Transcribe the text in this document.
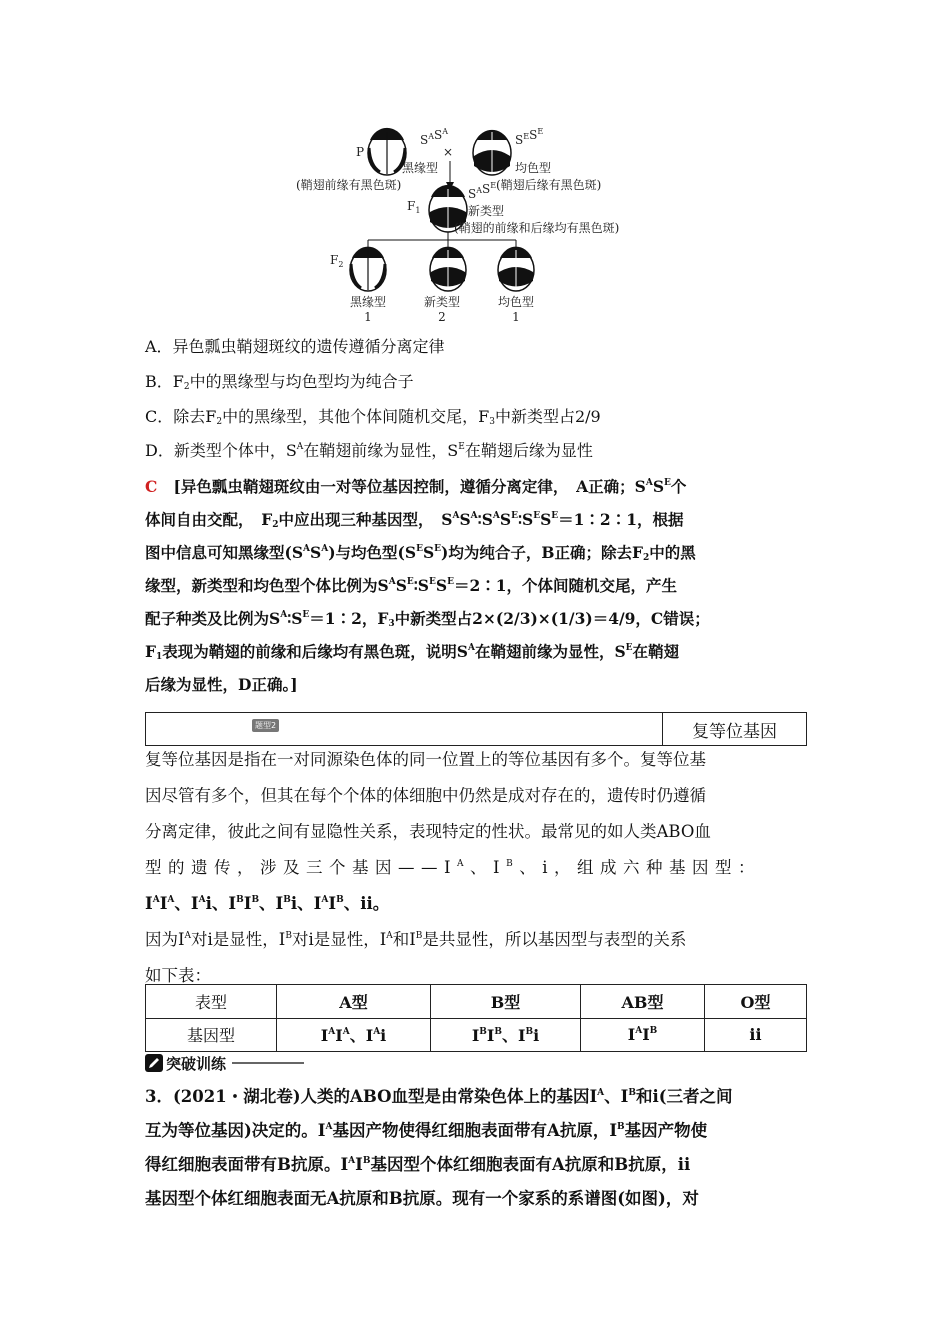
P
$S^AS^A$
×
黑缘型
(鞘翅前缘有黑色斑)
$S^ES^E$
均色型
(鞘翅后缘有黑色斑)
$F_1$
$S^AS^E$
新类型
(鞘翅的前缘和后缘均有黑色斑)
$F_2$
黑缘型
1
新类型
2
均色型
1
A．异色瓢虫鞘翅斑纹的遗传遵循分离定律
B．$F_2$中的黑缘型与均色型均为纯合子
C．除去$F_2$中的黑缘型，其他个体间随机交尾，$F_3$中新类型占2/9
D．新类型个体中，$S^A$在鞘翅前缘为显性，$S^E$在鞘翅后缘为显性
C [异色瓢虫鞘翅斑纹由一对等位基因控制，遵循分离定律，　A正确；$S^AS^E$个
体间自由交配，　$F_2$中应出现三种基因型，　$S^AS^A∶S^AS^E∶S^ES^E=1∶2∶1$，根据
图中信息可知黑缘型$(S^AS^A)$与均色型$(S^ES^E)$均为纯合子，B正确；除去$F_2$中的黑
缘型，新类型和均色型个体比例为$S^AS^E∶S^ES^E=2∶1$，个体间随机交尾，产生
配子种类及比例为$S^A∶S^E=1∶2$，$F_3$中新类型占2×(2/3)×(1/3)＝4/9，C错误；
$F_1$表现为鞘翅的前缘和后缘均有黑色斑，说明$S^A$在鞘翅前缘为显性，$S^E$在鞘翅
后缘为显性，D正确。]
题型2	复等位基因
复等位基因是指在一对同源染色体的同一位置上的等位基因有多个。复等位基
因尽管有多个，但其在每个个体的体细胞中仍然是成对存在的，遗传时仍遵循
分离定律，彼此之间有显隐性关系，表现特定的性状。最常见的如人类ABO血
型的遗传，涉及三个基因$——I^A$、$I^B$、i，组成六种基因型：
$I^AI^A$、$I^Ai$、$I^BI^B$、$I^Bi$、$I^AI^B$、ii。
因为$I^A$对i是显性，$I^B$对i是显性，$I^A$和$I^B$是共显性，所以基因型与表型的关系
如下表：
表型	A型	B型	AB型	O型
基因型	$I^AI^A$、$I^Ai$	$I^BI^B$、$I^Bi$	$I^AI^B$	ii
突破训练
3．(2021・湖北卷)人类的ABO血型是由常染色体上的基因$I^A$、$I^B$和i(三者之间
互为等位基因)决定的。$I^A$基因产物使得红细胞表面带有A抗原，$I^B$基因产物使
得红细胞表面带有B抗原。$I^AI^B$基因型个体红细胞表面有A抗原和B抗原，ii
基因型个体红细胞表面无A抗原和B抗原。现有一个家系的系谱图(如图)，对
